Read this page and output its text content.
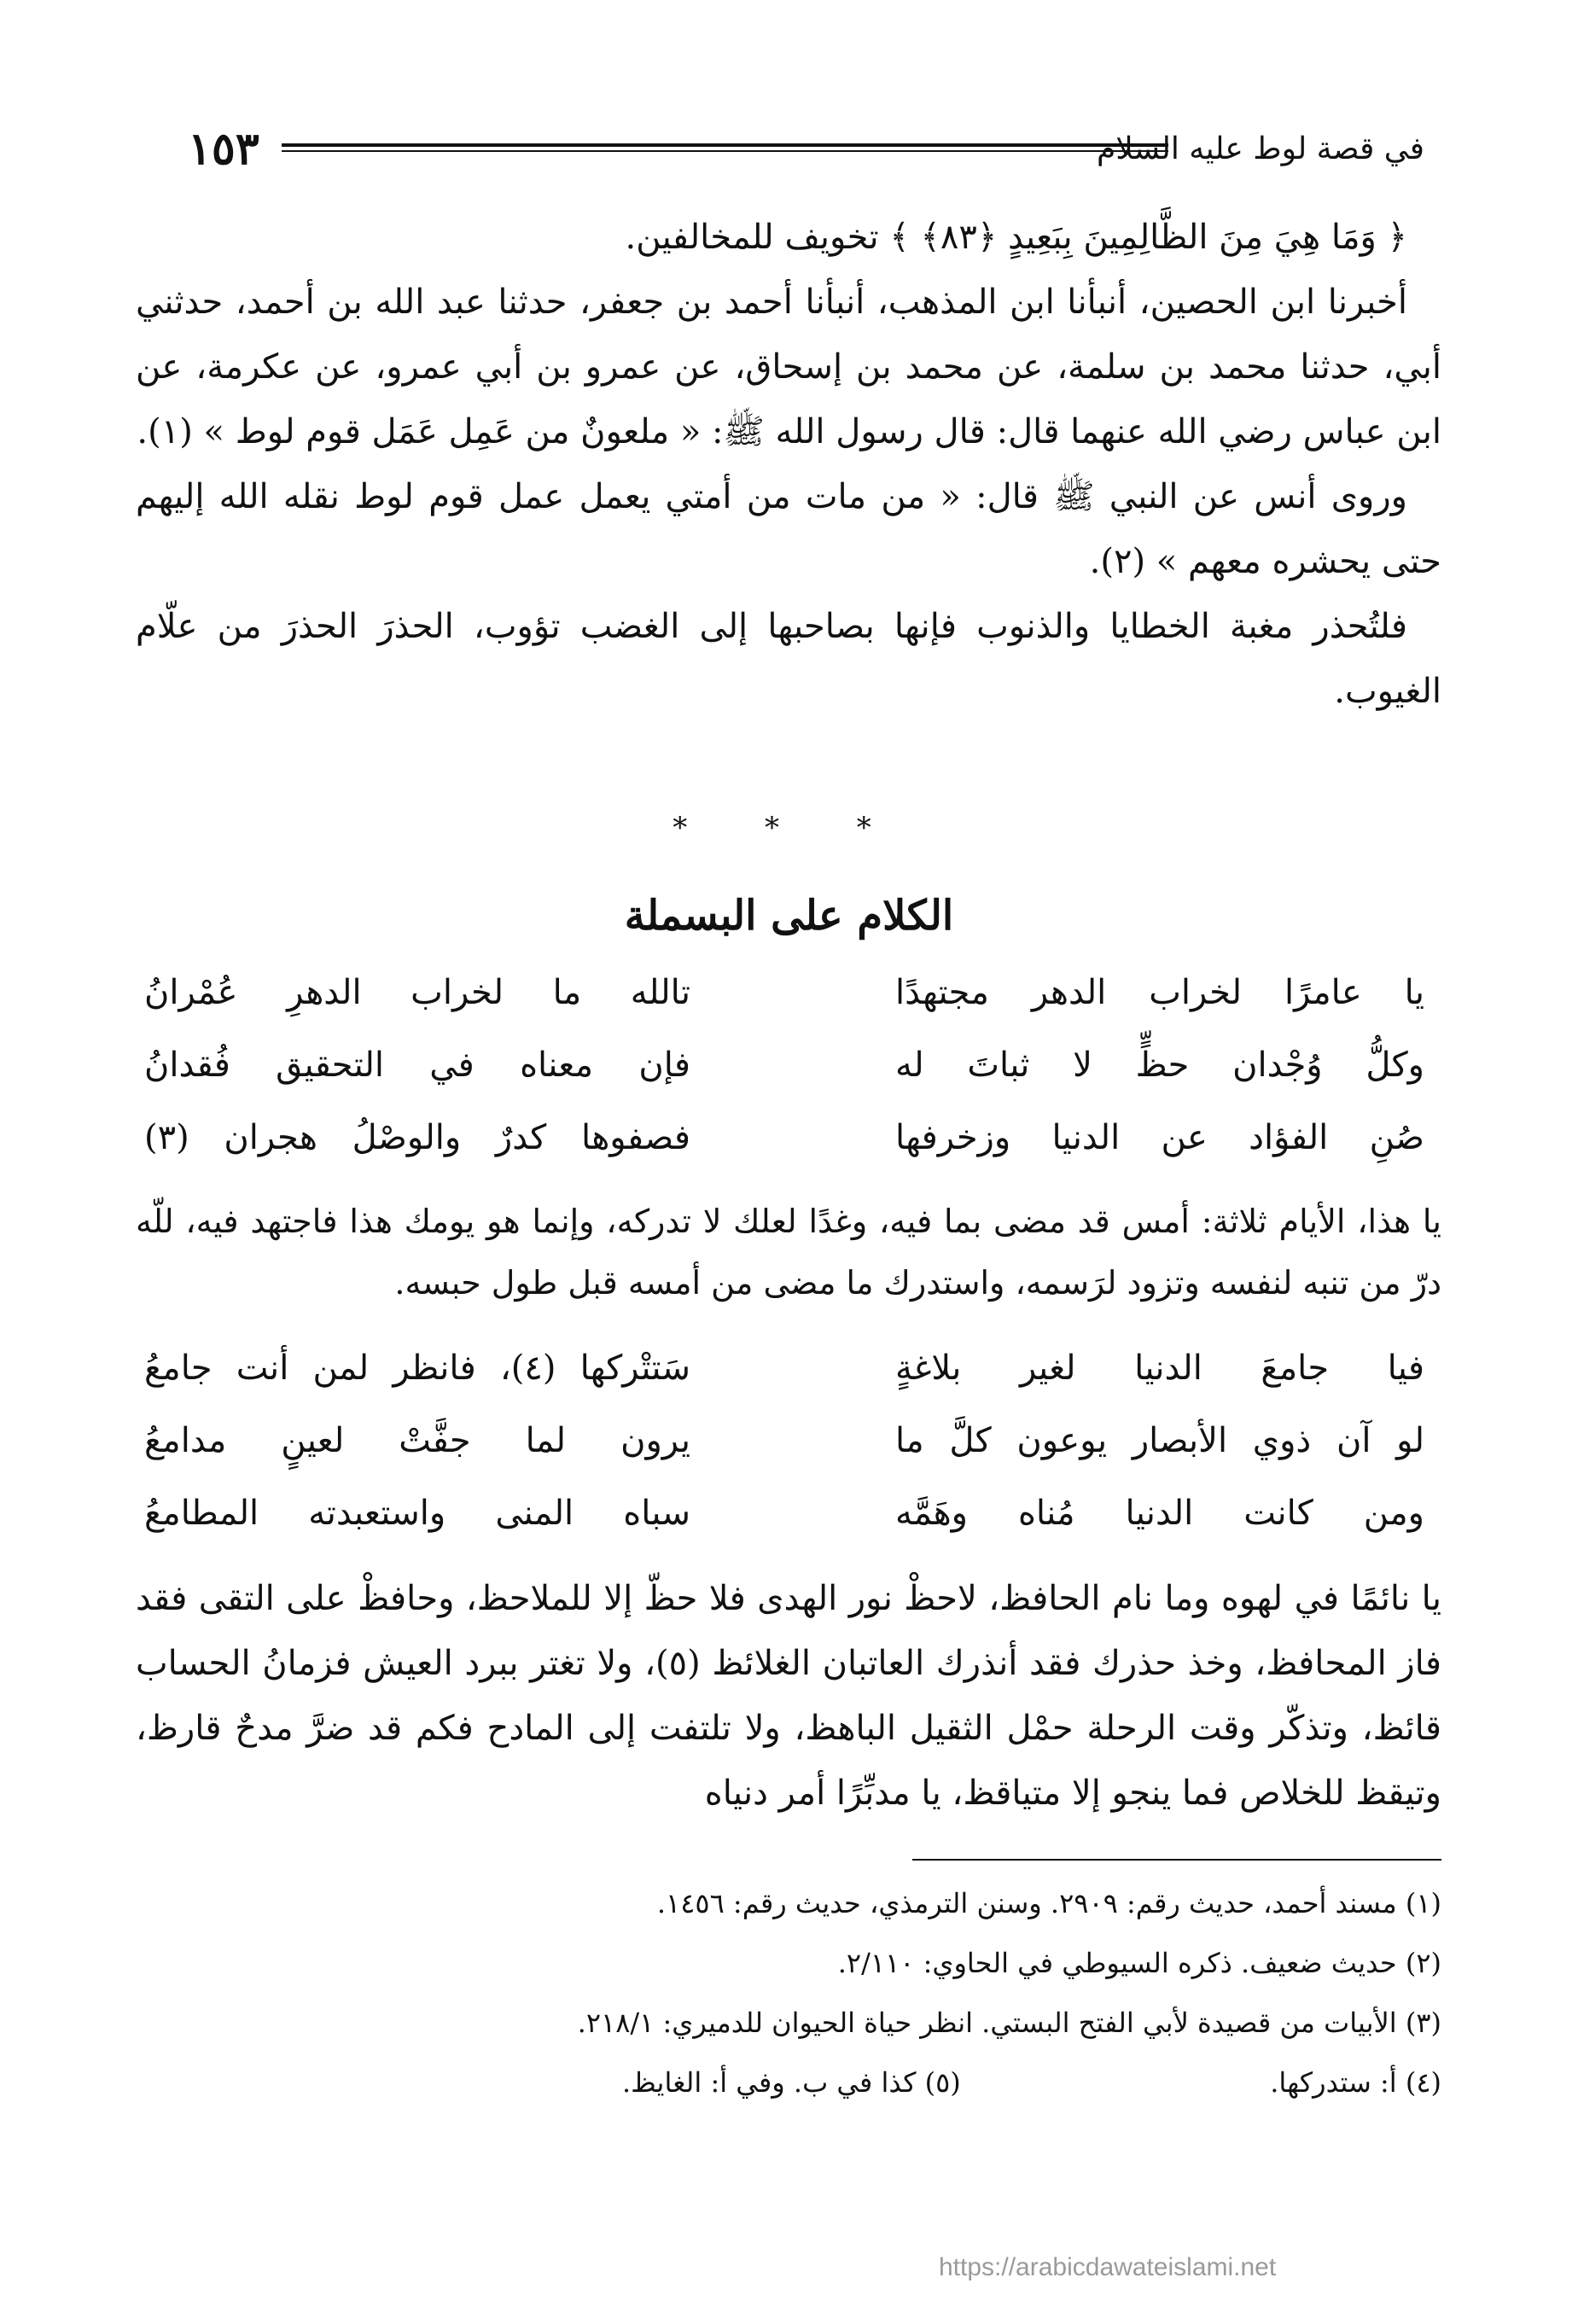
في قصة لوط عليه السلام
١٥٣

﴿ وَمَا هِيَ مِنَ الظَّالِمِينَ بِبَعِيدٍ ﴿٨٣﴾ ﴾ تخويف للمخالفين.

أخبرنا ابن الحصين، أنبأنا ابن المذهب، أنبأنا أحمد بن جعفر، حدثنا عبد الله بن أحمد، حدثني أبي، حدثنا محمد بن سلمة، عن محمد بن إسحاق، عن عمرو بن أبي عمرو، عن عكرمة، عن ابن عباس رضي الله عنهما قال: قال رسول الله ﷺ: « ملعونٌ من عَمِل عَمَل قوم لوط » (١).

وروى أنس عن النبي ﷺ قال: « من مات من أمتي يعمل عمل قوم لوط نقله الله إليهم حتى يحشره معهم » (٢).

فلتُحذر مغبة الخطايا والذنوب فإنها بصاحبها إلى الغضب تؤوب، الحذرَ الحذرَ من علّام الغيوب.

* * *
الكلام على البسملة
يا عامرًا لخراب الدهر مجتهدًا
تالله ما لخراب الدهرِ عُمْرانُ
وكلُّ وُجْدان حظٍّ لا ثباتَ له
فإن معناه في التحقيق فُقدانُ
صُنِ الفؤاد عن الدنيا وزخرفها
فصفوها كدرٌ والوصْلُ هجران (٣)

يا هذا، الأيام ثلاثة: أمس قد مضى بما فيه، وغدًا لعلك لا تدركه، وإنما هو يومك هذا فاجتهد فيه، للّه درّ من تنبه لنفسه وتزود لرَسمه، واستدرك ما مضى من أمسه قبل طول حبسه.

فيا جامعَ الدنيا لغير بلاغةٍ
سَتتْركها (٤)، فانظر لمن أنت جامعُ
لو آن ذوي الأبصار يوعون كلَّ ما
يرون لما جفَّتْ لعينٍ مدامعُ
ومن كانت الدنيا مُناه وهَمَّه
سباه المنى واستعبدته المطامعُ

يا نائمًا في لهوه وما نام الحافظ، لاحظْ نور الهدى فلا حظّ إلا للملاحظ، وحافظْ على التقى فقد فاز المحافظ، وخذ حذرك فقد أنذرك العاتبان الغلائظ (٥)، ولا تغتر ببرد العيش فزمانُ الحساب قائظ، وتذكّر وقت الرحلة حمْل الثقيل الباهظ، ولا تلتفت إلى المادح فكم قد ضرَّ مدحٌ قارظ، وتيقظ للخلاص فما ينجو إلا متياقظ، يا مدبِّرًا أمر دنياه

(١) مسند أحمد، حديث رقم: ٢٩٠٩. وسنن الترمذي، حديث رقم: ١٤٥٦.
(٢) حديث ضعيف. ذكره السيوطي في الحاوي: ٢/١١٠.
(٣) الأبيات من قصيدة لأبي الفتح البستي. انظر حياة الحيوان للدميري: ٢١٨/١.
(٤) أ: ستدركها.
(٥) كذا في ب. وفي أ: الغايظ.
https://arabicdawateislami.net
